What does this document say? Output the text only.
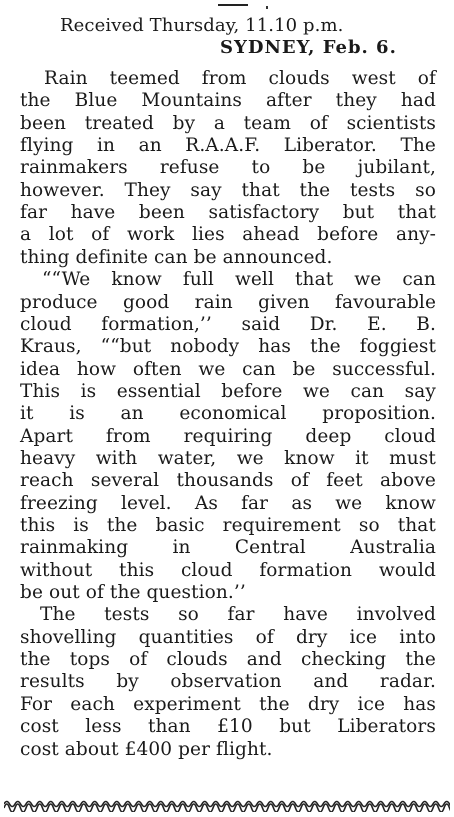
Received Thursday, 11.10 p.m.
SYDNEY, Feb. 6.
Rain teemed from clouds west of
the Blue Mountains after they had
been treated by a team of scientists
flying in an R.A.A.F. Liberator. The
rainmakers refuse to be jubilant,
however. They say that the tests so
far have been satisfactory but that
a lot of work lies ahead before any-
thing definite can be announced.
““We know full well that we can
produce good rain given favourable
cloud formation,’’ said Dr. E. B.
Kraus, ““but nobody has the foggiest
idea how often we can be successful.
This is essential before we can say
it is an economical proposition.
Apart from requiring deep cloud
heavy with water, we know it must
reach several thousands of feet above
freezing level. As far as we know
this is the basic requirement so that
rainmaking in Central Australia
without this cloud formation would
be out of the question.’’
The tests so far have involved
shovelling quantities of dry ice into
the tops of clouds and checking the
results by observation and radar.
For each experiment the dry ice has
cost less than £10 but Liberators
cost about £400 per flight.
